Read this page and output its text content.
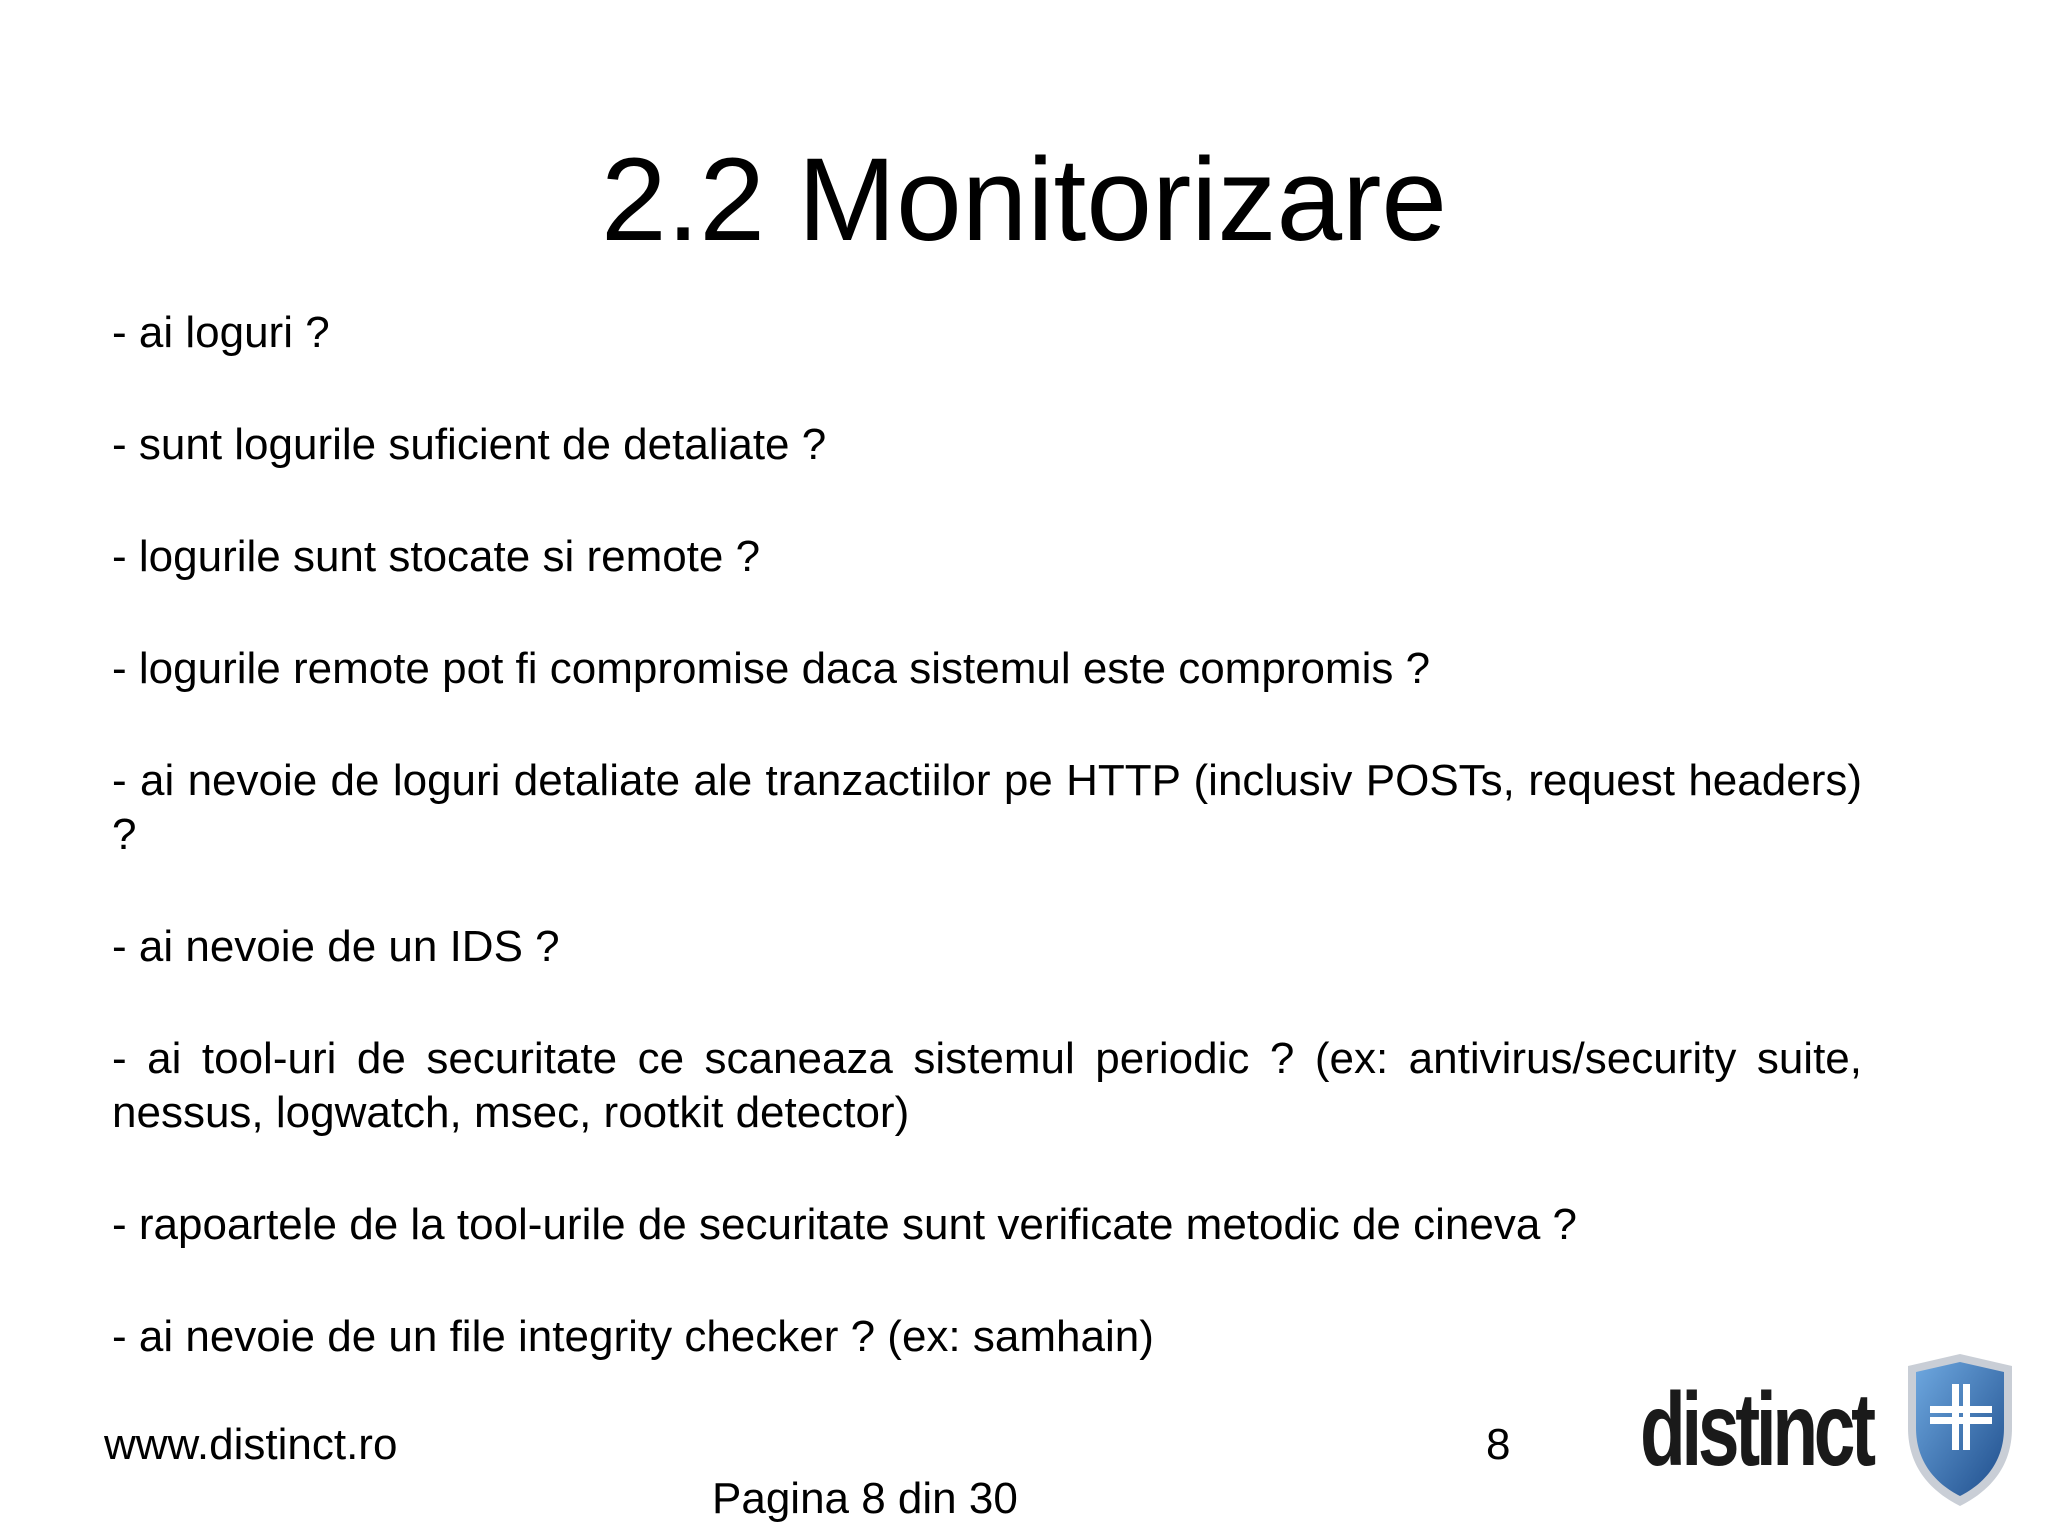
2.2 Monitorizare
- ai loguri ?
- sunt logurile suficient de detaliate ?
- logurile sunt stocate si remote ?
- logurile remote pot fi compromise daca sistemul este compromis ?
- ai nevoie de loguri detaliate ale tranzactiilor pe HTTP (inclusiv POSTs, request headers) ?
- ai nevoie de un IDS ?
- ai tool-uri de securitate ce scaneaza sistemul periodic ? (ex: antivirus/security suite, nessus, logwatch, msec, rootkit detector)
- rapoartele de la tool-urile de securitate sunt verificate metodic de cineva ?
- ai nevoie de un file integrity checker ? (ex: samhain)
www.distinct.ro	8
Pagina 8 din 30
distinct
